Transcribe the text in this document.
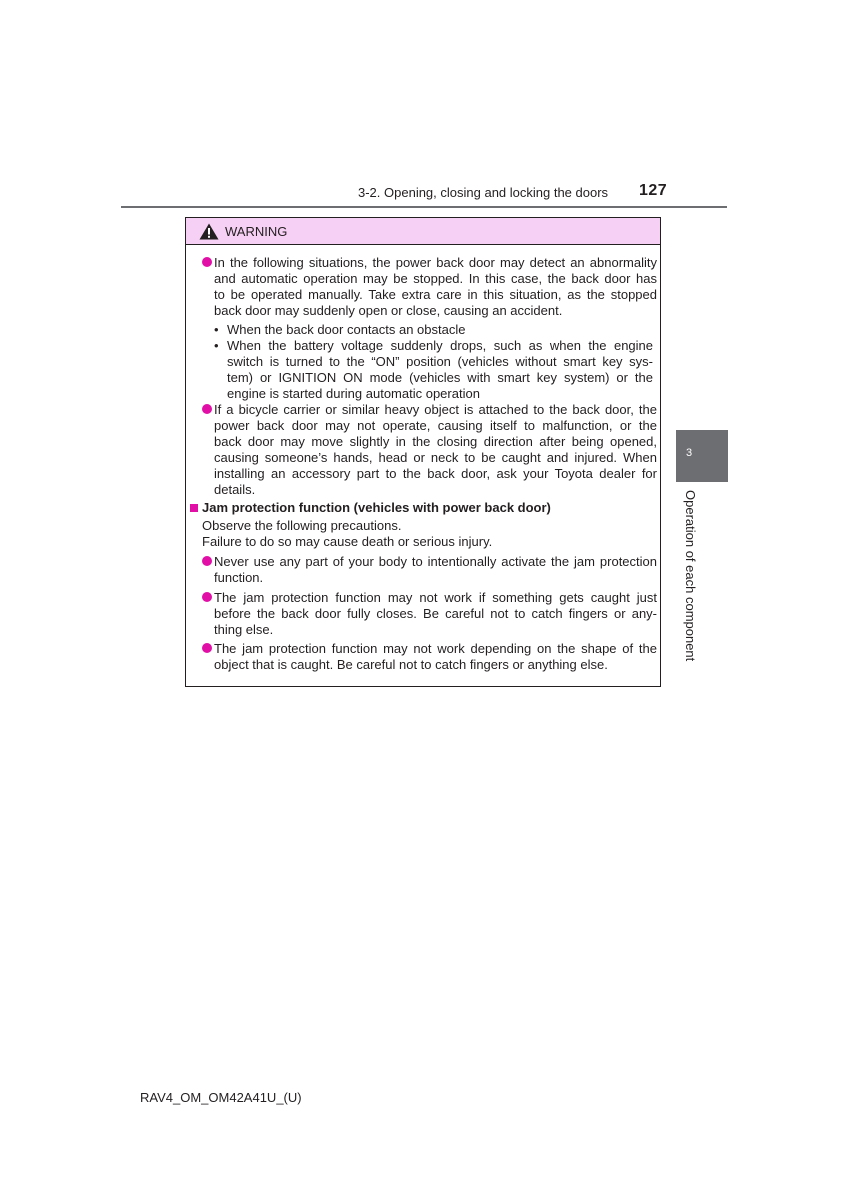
3-2. Opening, closing and locking the doors 127
WARNING
In the following situations, the power back door may detect an abnormality
and automatic operation may be stopped. In this case, the back door has
to be operated manually. Take extra care in this situation, as the stopped
back door may suddenly open or close, causing an accident.
• When the back door contacts an obstacle
• When the battery voltage suddenly drops, such as when the engine
switch is turned to the “ON” position (vehicles without smart key sys-
tem) or IGNITION ON mode (vehicles with smart key system) or the
engine is started during automatic operation
If a bicycle carrier or similar heavy object is attached to the back door, the
power back door may not operate, causing itself to malfunction, or the
back door may move slightly in the closing direction after being opened,
causing someone’s hands, head or neck to be caught and injured. When
installing an accessory part to the back door, ask your Toyota dealer for
details.
Jam protection function (vehicles with power back door)
Observe the following precautions.
Failure to do so may cause death or serious injury.
Never use any part of your body to intentionally activate the jam protection
function.
The jam protection function may not work if something gets caught just
before the back door fully closes. Be careful not to catch fingers or any-
thing else.
The jam protection function may not work depending on the shape of the
object that is caught. Be careful not to catch fingers or anything else.
3
Operation of each component
RAV4_OM_OM42A41U_(U)
